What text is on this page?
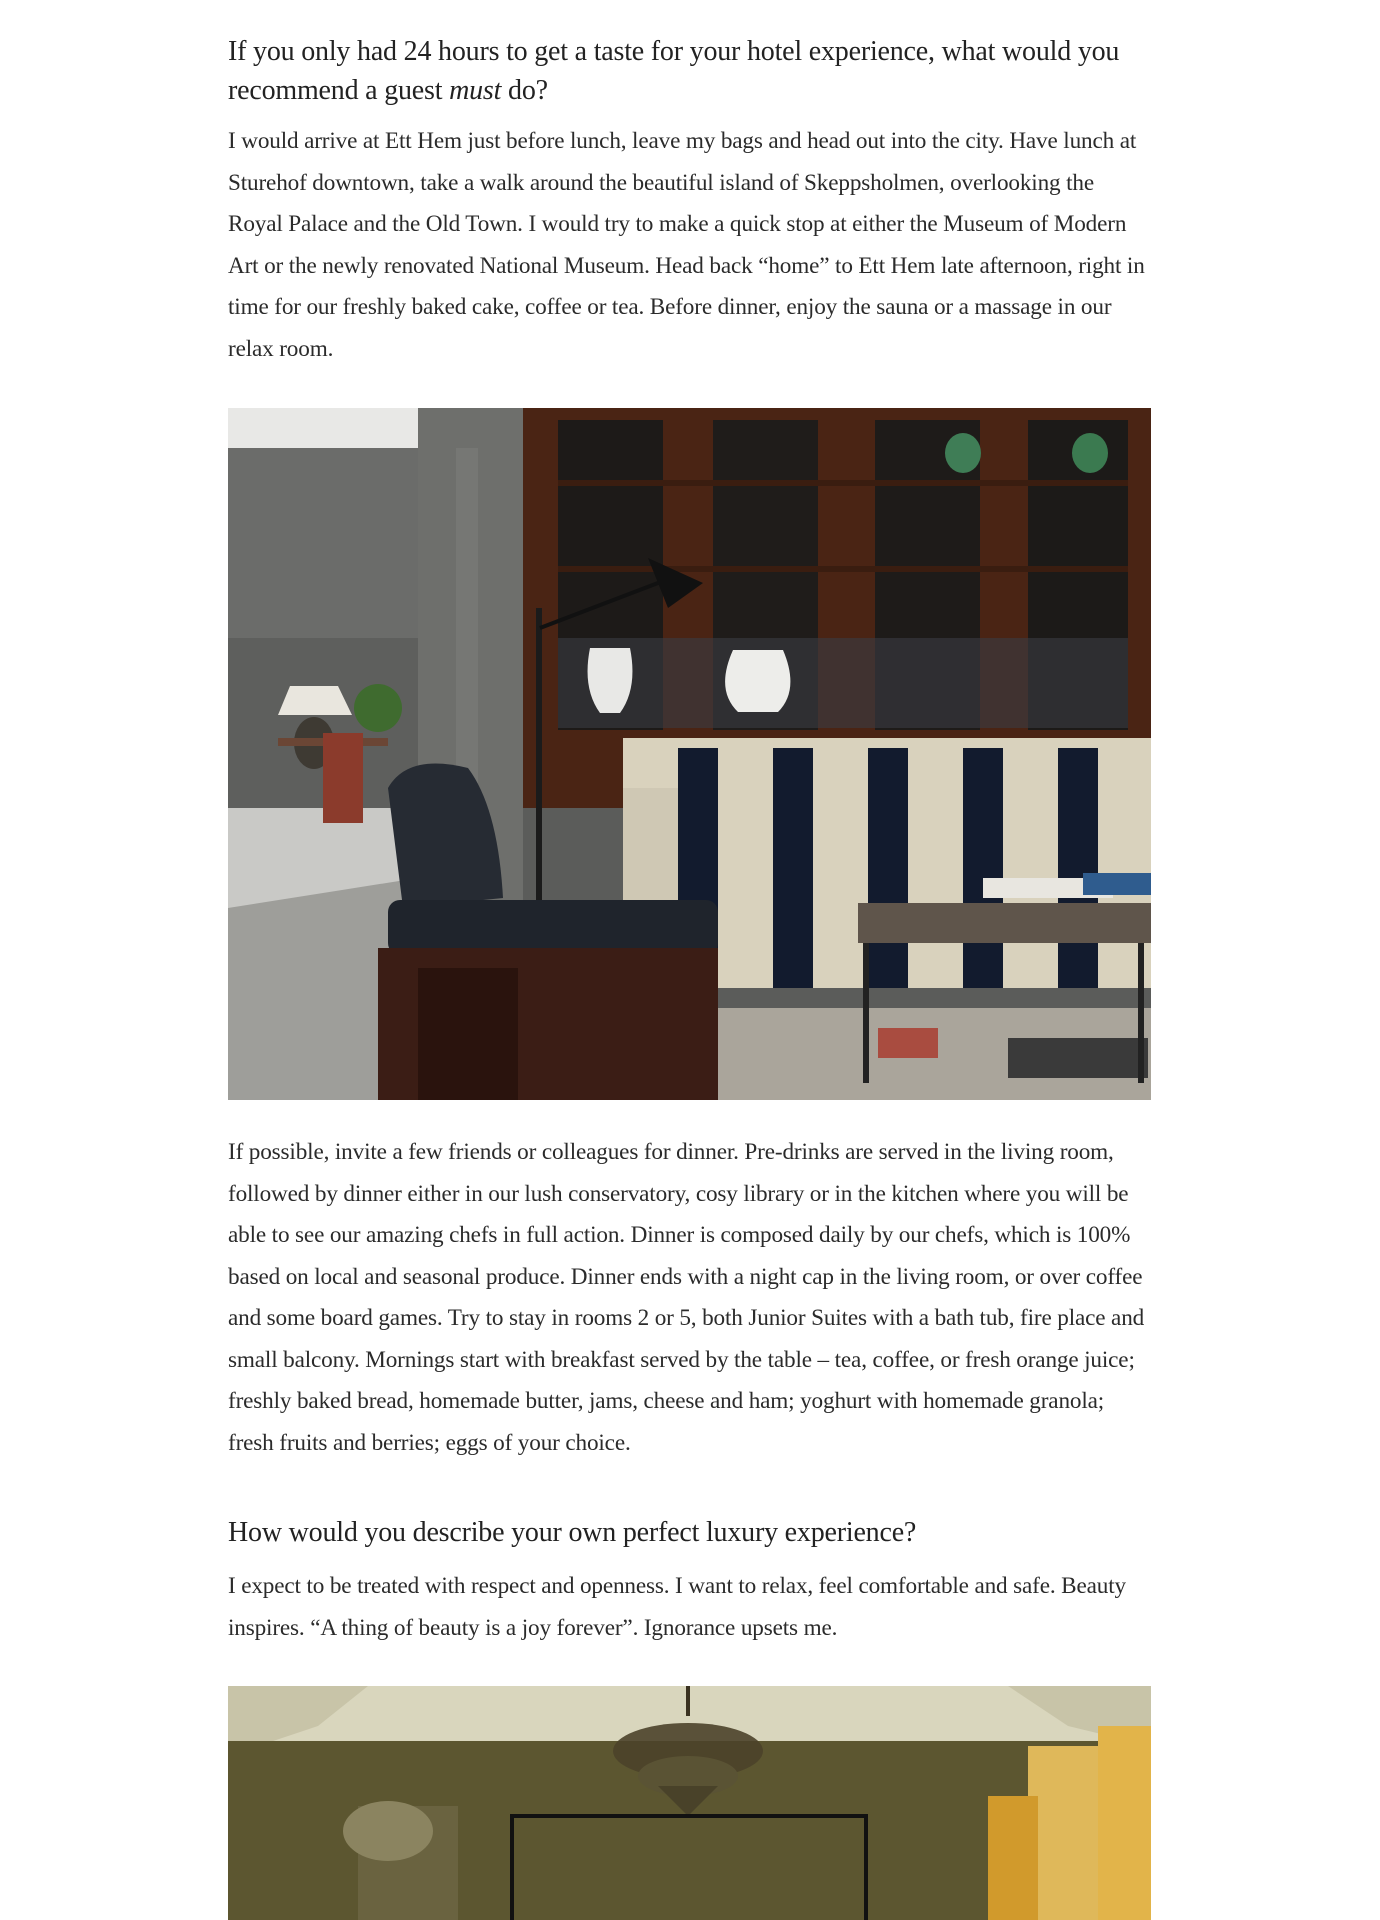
If you only had 24 hours to get a taste for your hotel experience, what would you recommend a guest must do?

I would arrive at Ett Hem just before lunch, leave my bags and head out into the city. Have lunch at Sturehof downtown, take a walk around the beautiful island of Skeppsholmen, overlooking the Royal Palace and the Old Town. I would try to make a quick stop at either the Museum of Modern Art or the newly renovated National Museum. Head back “home” to Ett Hem late afternoon, right in time for our freshly baked cake, coffee or tea. Before dinner, enjoy the sauna or a massage in our relax room.

If possible, invite a few friends or colleagues for dinner. Pre-drinks are served in the living room, followed by dinner either in our lush conservatory, cosy library or in the kitchen where you will be able to see our amazing chefs in full action. Dinner is composed daily by our chefs, which is 100% based on local and seasonal produce. Dinner ends with a night cap in the living room, or over coffee and some board games. Try to stay in rooms 2 or 5, both Junior Suites with a bath tub, fire place and small balcony. Mornings start with breakfast served by the table – tea, coffee, or fresh orange juice; freshly baked bread, homemade butter, jams, cheese and ham; yoghurt with homemade granola; fresh fruits and berries; eggs of your choice.

How would you describe your own perfect luxury experience?

I expect to be treated with respect and openness. I want to relax, feel comfortable and safe. Beauty inspires. “A thing of beauty is a joy forever”. Ignorance upsets me.
